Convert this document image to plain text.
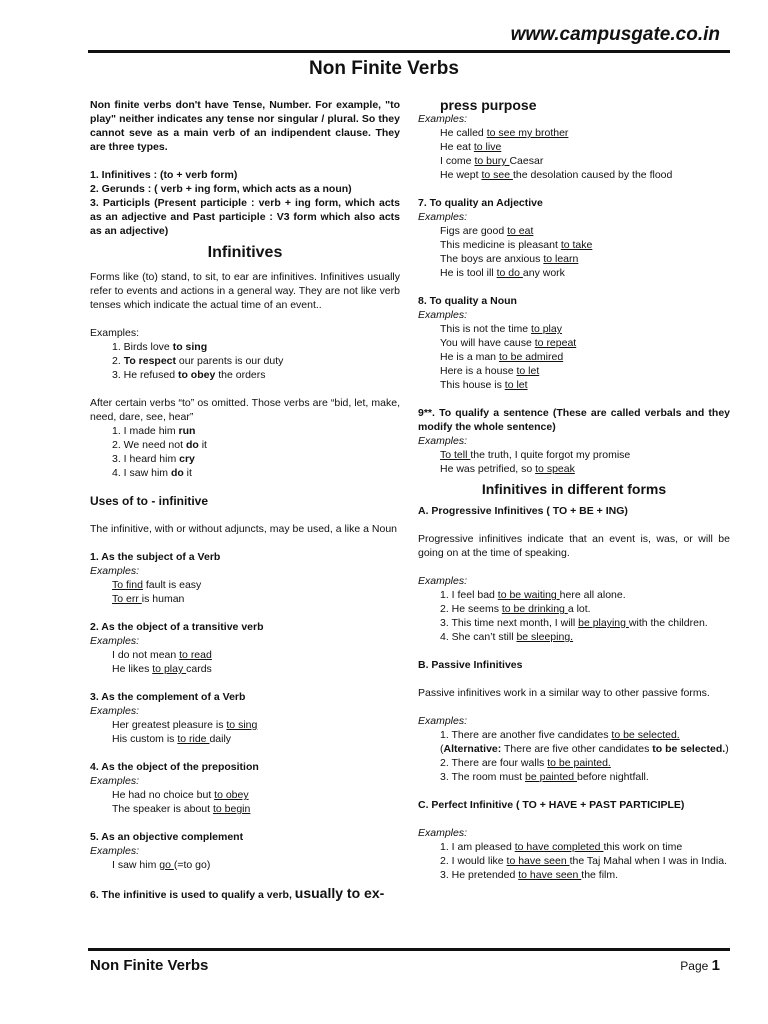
www.campusgate.co.in
Non Finite Verbs

Non finite verbs don't have Tense, Number. For example, "to play" neither indicates any tense nor singular / plural. So they cannot seve as a main verb of an indipendent clause. They are three types.

1. Infinitives : (to + verb form)

2. Gerunds : ( verb + ing form, which acts as a noun)

3. Participls (Present participle : verb + ing form, which acts as an adjective and Past participle : V3 form which also acts as an adjective)

Infinitives

Forms like (to) stand, to sit, to ear are infinitives. Infinitives usually refer to events and actions in a general way. They are not like verb tenses which indicate the actual time of an event..

Examples:

1. Birds love to sing

2. To respect our parents is our duty

3. He refused to obey the orders

After certain verbs “to” os omitted. Those verbs are “bid, let, make, need, dare, see, hear”

1. I made him run

2. We need not do it

3. I heard him cry

4. I saw him do it

Uses of to - infinitive

The infinitive, with or without adjuncts, may be used, a like a Noun

1. As the subject of a Verb

Examples:

To find fault is easy

To err is human

2. As the object of a transitive verb

Examples:

I do not mean to read

He likes to play cards

3. As the complement of a Verb

Examples:

Her greatest pleasure is to sing

His custom is to ride daily

4. As the object of the preposition

Examples:

He had no choice but to obey

The speaker is about to begin

5. As an objective complement

Examples:

I saw him go (=to go)

6. The infinitive is used to qualify a verb, usually to ex-

press purpose

Examples:

He called to see my brother

He eat to live

I come to bury Caesar

He wept to see the desolation caused by the flood

7. To quality an Adjective

Examples:

Figs are good to eat

This medicine is pleasant to take

The boys are anxious to learn

He is tool ill to do any work

8. To quality a Noun

Examples:

This is not the time to play

You will have cause to repeat

He is a man to be admired

Here is a house to let

This house is to let

9**. To qualify a sentence (These are called verbals and they modify the whole sentence)

Examples:

To tell the truth, I quite forgot my promise

He was petrified, so to speak

Infinitives in different forms

A. Progressive Infinitives ( TO + BE + ING)

Progressive infinitives indicate that an event is, was, or will be going on at the time of speaking.

Examples:

1. I feel bad to be waiting here all alone.

2. He seems to be drinking a lot.

3. This time next month, I will be playing with the children.

4. She can’t still be sleeping.

B. Passive Infinitives

Passive infinitives work in a similar way to other passive forms.

Examples:

1. There are another five candidates to be selected.

(Alternative: There are five other candidates to be selected.)

2. There are four walls to be painted.

3. The room must be painted before nightfall.

C. Perfect Infinitive ( TO + HAVE + PAST PARTICIPLE)

Examples:

1. I am pleased to have completed this work on time

2. I would like to have seen the Taj Mahal when I was in India.

3. He pretended to have seen the film.

Non Finite Verbs	Page 1
